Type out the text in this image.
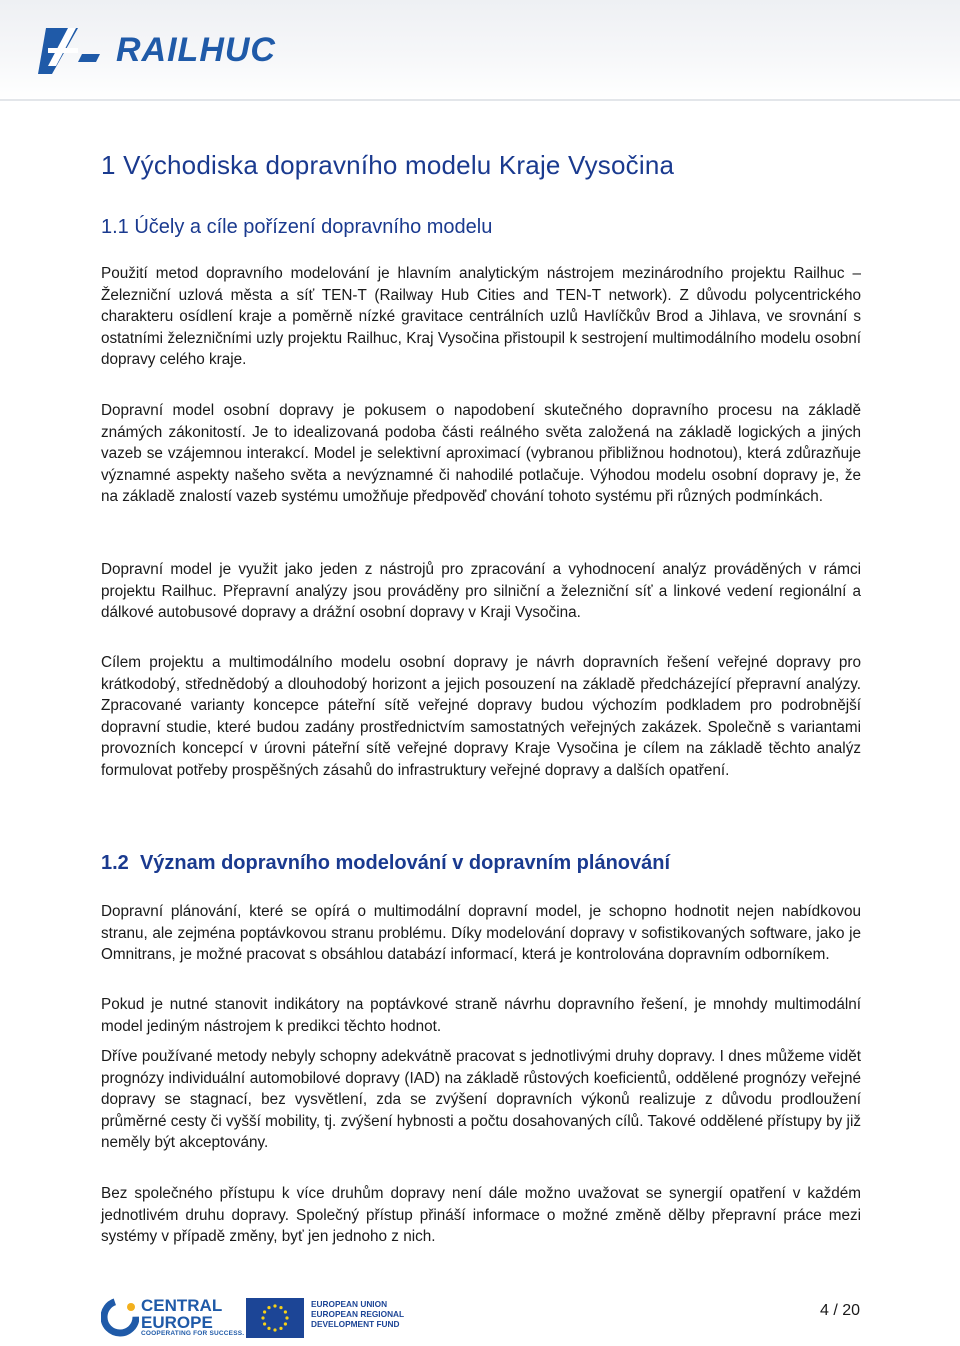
RAILHUC
1 Východiska dopravního modelu Kraje Vysočina
1.1 Účely a cíle pořízení dopravního modelu

Použití metod dopravního modelování je hlavním analytickým nástrojem mezinárodního projektu Railhuc – Železniční uzlová města a síť TEN-T (Railway Hub Cities and TEN-T network). Z důvodu polycentrického charakteru osídlení kraje a poměrně nízké gravitace centrálních uzlů Havlíčkův Brod a Jihlava, ve srovnání s ostatními železničními uzly projektu Railhuc, Kraj Vysočina přistoupil k sestrojení multimodálního modelu osobní dopravy celého kraje.

Dopravní model osobní dopravy je pokusem o napodobení skutečného dopravního procesu na základě známých zákonitostí. Je to idealizovaná podoba části reálného světa založená na základě logických a jiných vazeb se vzájemnou interakcí. Model je selektivní aproximací (vybranou přibližnou hodnotou), která zdůrazňuje významné aspekty našeho světa a nevýznamné či nahodilé potlačuje. Výhodou modelu osobní dopravy je, že na základě znalostí vazeb systému umožňuje předpověď chování tohoto systému při různých podmínkách.

Dopravní model je využit jako jeden z nástrojů pro zpracování a vyhodnocení analýz prováděných v rámci projektu Railhuc. Přepravní analýzy jsou prováděny pro silniční a železniční síť a linkové vedení regionální a dálkové autobusové dopravy a drážní osobní dopravy v Kraji Vysočina.

Cílem projektu a multimodálního modelu osobní dopravy je návrh dopravních řešení veřejné dopravy pro krátkodobý, střednědobý a dlouhodobý horizont a jejich posouzení na základě předcházející přepravní analýzy. Zpracované varianty koncepce páteřní sítě veřejné dopravy budou výchozím podkladem pro podrobnější dopravní studie, které budou zadány prostřednictvím samostatných veřejných zakázek. Společně s variantami provozních koncepcí v úrovni páteřní sítě veřejné dopravy Kraje Vysočina je cílem na základě těchto analýz formulovat potřeby prospěšných zásahů do infrastruktury veřejné dopravy a dalších opatření.

1.2 Význam dopravního modelování v dopravním plánování

Dopravní plánování, které se opírá o multimodální dopravní model, je schopno hodnotit nejen nabídkovou stranu, ale zejména poptávkovou stranu problému. Díky modelování dopravy v sofistikovaných software, jako je Omnitrans, je možné pracovat s obsáhlou databází informací, která je kontrolována dopravním odborníkem.

Pokud je nutné stanovit indikátory na poptávkové straně návrhu dopravního řešení, je mnohdy multimodální model jediným nástrojem k predikci těchto hodnot.

Dříve používané metody nebyly schopny adekvátně pracovat s jednotlivými druhy dopravy. I dnes můžeme vidět prognózy individuální automobilové dopravy (IAD) na základě růstových koeficientů, oddělené prognózy veřejné dopravy se stagnací, bez vysvětlení, zda se zvýšení dopravních výkonů realizuje z důvodu prodloužení průměrné cesty či vyšší mobility, tj. zvýšení hybnosti a počtu dosahovaných cílů. Takové oddělené přístupy by již neměly být akceptovány.

Bez společného přístupu k více druhům dopravy není dále možno uvažovat se synergií opatření v každém jednotlivém druhu dopravy. Společný přístup přináší informace o možné změně dělby přepravní práce mezi systémy v případě změny, byť jen jednoho z nich.

CENTRAL
EUROPE
COOPERATING FOR SUCCESS.
EUROPEAN UNION
EUROPEAN REGIONAL
DEVELOPMENT FUND
4 / 20
